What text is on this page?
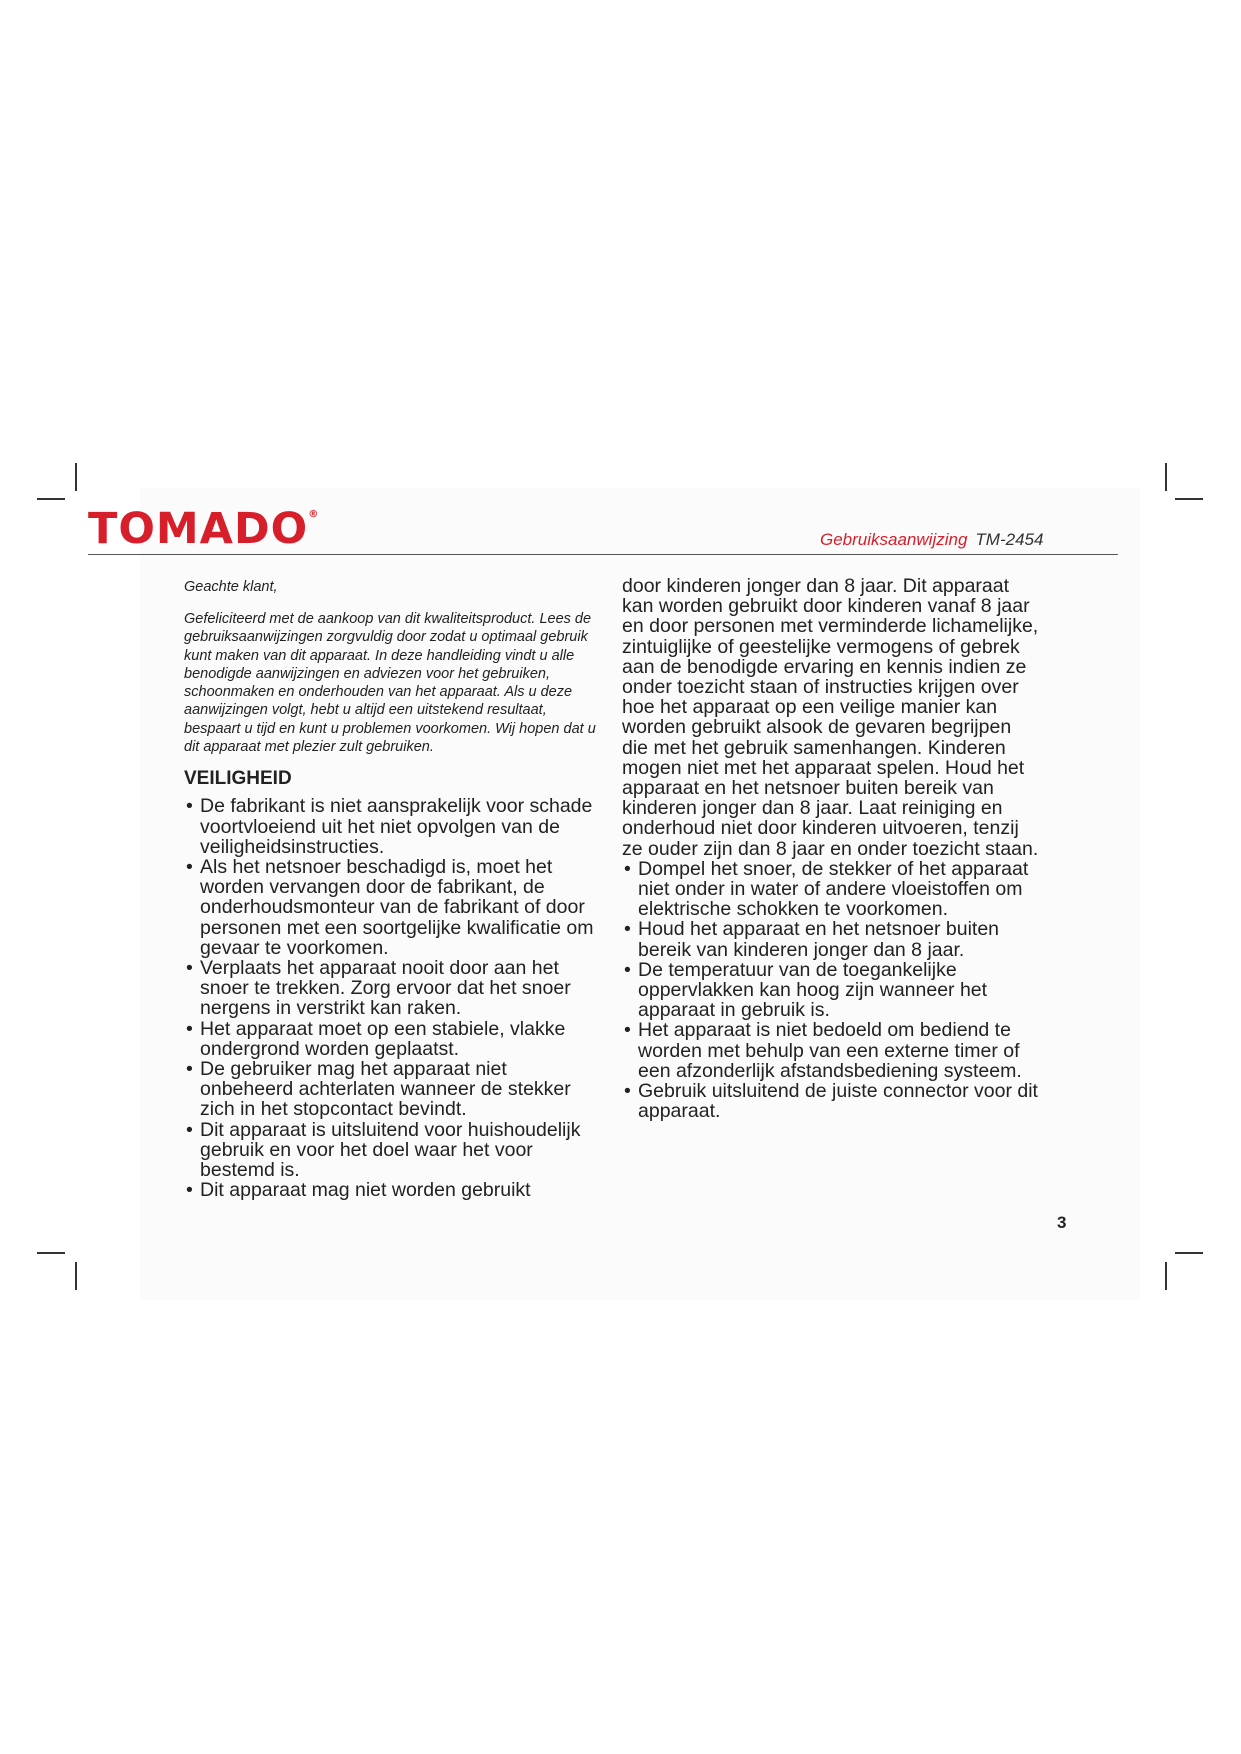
TOMADO®
Gebruiksaanwijzing TM-2454

Geachte klant,

Gefeliciteerd met de aankoop van dit kwaliteitsproduct. Lees de gebruiksaanwijzingen zorgvuldig door zodat u optimaal gebruik kunt maken van dit apparaat. In deze handleiding vindt u alle benodigde aanwijzingen en adviezen voor het gebruiken, schoonmaken en onderhouden van het apparaat. Als u deze aanwijzingen volgt, hebt u altijd een uitstekend resultaat, bespaart u tijd en kunt u problemen voorkomen. Wij hopen dat u dit apparaat met plezier zult gebruiken.

VEILIGHEID
• De fabrikant is niet aansprakelijk voor schade voortvloeiend uit het niet opvolgen van de veiligheidsinstructies.
• Als het netsnoer beschadigd is, moet het worden vervangen door de fabrikant, de onderhoudsmonteur van de fabrikant of door personen met een soortgelijke kwalificatie om gevaar te voorkomen.
• Verplaats het apparaat nooit door aan het snoer te trekken. Zorg ervoor dat het snoer nergens in verstrikt kan raken.
• Het apparaat moet op een stabiele, vlakke ondergrond worden geplaatst.
• De gebruiker mag het apparaat niet onbeheerd achterlaten wanneer de stekker zich in het stopcontact bevindt.
• Dit apparaat is uitsluitend voor huishoudelijk gebruik en voor het doel waar het voor bestemd is.
• Dit apparaat mag niet worden gebruikt

door kinderen jonger dan 8 jaar. Dit apparaat kan worden gebruikt door kinderen vanaf 8 jaar en door personen met verminderde lichamelijke, zintuiglijke of geestelijke vermogens of gebrek aan de benodigde ervaring en kennis indien ze onder toezicht staan of instructies krijgen over hoe het apparaat op een veilige manier kan worden gebruikt alsook de gevaren begrijpen die met het gebruik samenhangen. Kinderen mogen niet met het apparaat spelen. Houd het apparaat en het netsnoer buiten bereik van kinderen jonger dan 8 jaar. Laat reiniging en onderhoud niet door kinderen uitvoeren, tenzij ze ouder zijn dan 8 jaar en onder toezicht staan.

• Dompel het snoer, de stekker of het apparaat niet onder in water of andere vloeistoffen om elektrische schokken te voorkomen.
• Houd het apparaat en het netsnoer buiten bereik van kinderen jonger dan 8 jaar.
• De temperatuur van de toegankelijke oppervlakken kan hoog zijn wanneer het apparaat in gebruik is.
• Het apparaat is niet bedoeld om bediend te worden met behulp van een externe timer of een afzonderlijk afstandsbediening systeem.
• Gebruik uitsluitend de juiste connector voor dit apparaat.
3
